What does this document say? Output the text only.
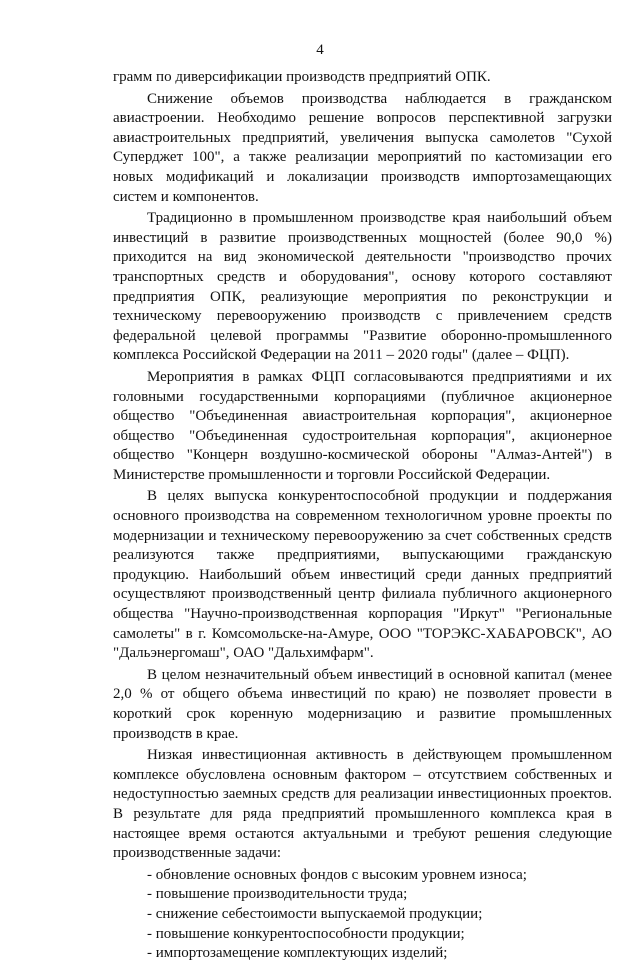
4

грамм по диверсификации производств предприятий ОПК.

Снижение объемов производства наблюдается в гражданском авиастроении. Необходимо решение вопросов перспективной загрузки авиастроительных предприятий, увеличения выпуска самолетов "Сухой Суперджет 100", а также реализации мероприятий по кастомизации его новых модификаций и локализации производств импортозамещающих систем и компонентов.

Традиционно в промышленном производстве края наибольший объем инвестиций в развитие производственных мощностей (более 90,0 %) приходится на вид экономической деятельности "производство прочих транспортных средств и оборудования", основу которого составляют предприятия ОПК, реализующие мероприятия по реконструкции и техническому перевооружению производств с привлечением средств федеральной целевой программы "Развитие оборонно-промышленного комплекса Российской Федерации на 2011 – 2020 годы" (далее – ФЦП).

Мероприятия в рамках ФЦП согласовываются предприятиями и их головными государственными корпорациями (публичное акционерное общество "Объединенная авиастроительная корпорация", акционерное общество "Объединенная судостроительная корпорация", акционерное общество "Концерн воздушно-космической обороны "Алмаз-Антей") в Министерстве промышленности и торговли Российской Федерации.

В целях выпуска конкурентоспособной продукции и поддержания основного производства на современном технологичном уровне проекты по модернизации и техническому перевооружению за счет собственных средств реализуются также предприятиями, выпускающими гражданскую продукцию. Наибольший объем инвестиций среди данных предприятий осуществляют производственный центр филиала публичного акционерного общества "Научно-производственная корпорация "Иркут" "Региональные самолеты" в г. Комсомольске-на-Амуре, ООО "ТОРЭКС-ХАБАРОВСК", АО "Дальэнергомаш", ОАО "Дальхимфарм".

В целом незначительный объем инвестиций в основной капитал (менее 2,0 % от общего объема инвестиций по краю) не позволяет провести в короткий срок коренную модернизацию и развитие промышленных производств в крае.

Низкая инвестиционная активность в действующем промышленном комплексе обусловлена основным фактором – отсутствием собственных и недоступностью заемных средств для реализации инвестиционных проектов. В результате для ряда предприятий промышленного комплекса края в настоящее время остаются актуальными и требуют решения следующие производственные задачи:

- обновление основных фондов с высоким уровнем износа;
- повышение производительности труда;
- снижение себестоимости выпускаемой продукции;
- повышение конкурентоспособности продукции;
- импортозамещение комплектующих изделий;
